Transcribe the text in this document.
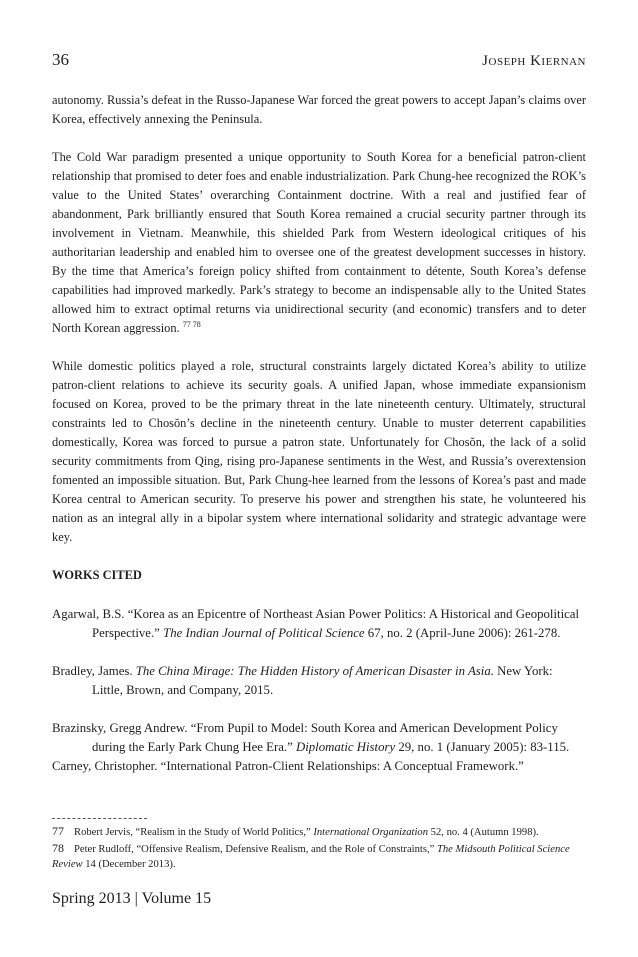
36	Joseph Kiernan

autonomy. Russia’s defeat in the Russo-Japanese War forced the great powers to accept Japan’s claims over Korea, effectively annexing the Peninsula.

The Cold War paradigm presented a unique opportunity to South Korea for a beneficial patron-client relationship that promised to deter foes and enable industrialization. Park Chung-hee recognized the ROK’s value to the United States’ overarching Containment doctrine. With a real and justified fear of abandonment, Park brilliantly ensured that South Korea remained a crucial security partner through its involvement in Vietnam. Meanwhile, this shielded Park from Western ideological critiques of his authoritarian leadership and enabled him to oversee one of the greatest development successes in history. By the time that America’s foreign policy shifted from containment to détente, South Korea’s defense capabilities had improved markedly. Park’s strategy to become an indispensable ally to the United States allowed him to extract optimal returns via unidirectional security (and economic) transfers and to deter North Korean aggression. $^{77 78}$

While domestic politics played a role, structural constraints largely dictated Korea’s ability to utilize patron-client relations to achieve its security goals. A unified Japan, whose immediate expansionism focused on Korea, proved to be the primary threat in the late nineteenth century. Ultimately, structural constraints led to Chosŏn’s decline in the nineteenth century. Unable to muster deterrent capabilities domestically, Korea was forced to pursue a patron state. Unfortunately for Chosŏn, the lack of a solid security commitments from Qing, rising pro-Japanese sentiments in the West, and Russia’s overextension fomented an impossible situation. But, Park Chung-hee learned from the lessons of Korea’s past and made Korea central to American security. To preserve his power and strengthen his state, he volunteered his nation as an integral ally in a bipolar system where international solidarity and strategic advantage were key.

WORKS CITED
Agarwal, B.S. “Korea as an Epicentre of Northeast Asian Power Politics: A Historical and Geopolitical Perspective.” The Indian Journal of Political Science 67, no. 2 (April-June 2006): 261-278.
Bradley, James. The China Mirage: The Hidden History of American Disaster in Asia. New York: Little, Brown, and Company, 2015.
Brazinsky, Gregg Andrew. “From Pupil to Model: South Korea and American Development Policy during the Early Park Chung Hee Era.” Diplomatic History 29, no. 1 (January 2005): 83-115.
Carney, Christopher. “International Patron-Client Relationships: A Conceptual Framework.”

77 Robert Jervis, “Realism in the Study of World Politics,” International Organization 52, no. 4 (Autumn 1998).

78 Peter Rudloff, “Offensive Realism, Defensive Realism, and the Role of Constraints,” The Midsouth Political Science Review 14 (December 2013).

Spring 2013 | Volume 15
